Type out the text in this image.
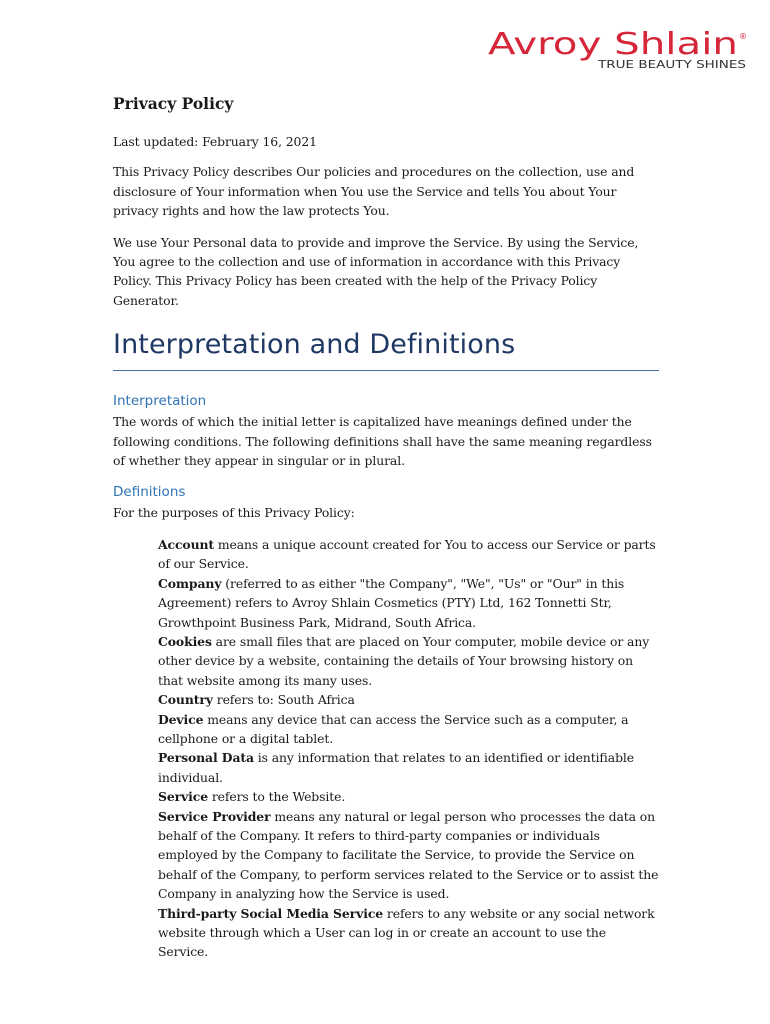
Avroy Shlain ®
TRUE BEAUTY SHINES
Privacy Policy

Last updated: February 16, 2021

This Privacy Policy describes Our policies and procedures on the collection, use and disclosure of Your information when You use the Service and tells You about Your privacy rights and how the law protects You.

We use Your Personal data to provide and improve the Service. By using the Service, You agree to the collection and use of information in accordance with this Privacy Policy. This Privacy Policy has been created with the help of the Privacy Policy Generator.

Interpretation and Definitions
Interpretation

The words of which the initial letter is capitalized have meanings defined under the following conditions. The following definitions shall have the same meaning regardless of whether they appear in singular or in plural.

Definitions

For the purposes of this Privacy Policy:

Account means a unique account created for You to access our Service or parts of our Service.
Company (referred to as either "the Company", "We", "Us" or "Our" in this Agreement) refers to Avroy Shlain Cosmetics (PTY) Ltd, 162 Tonnetti Str, Growthpoint Business Park, Midrand, South Africa.
Cookies are small files that are placed on Your computer, mobile device or any other device by a website, containing the details of Your browsing history on that website among its many uses.
Country refers to: South Africa
Device means any device that can access the Service such as a computer, a cellphone or a digital tablet.
Personal Data is any information that relates to an identified or identifiable individual.
Service refers to the Website.
Service Provider means any natural or legal person who processes the data on behalf of the Company. It refers to third-party companies or individuals employed by the Company to facilitate the Service, to provide the Service on behalf of the Company, to perform services related to the Service or to assist the Company in analyzing how the Service is used.
Third-party Social Media Service refers to any website or any social network website through which a User can log in or create an account to use the Service.
